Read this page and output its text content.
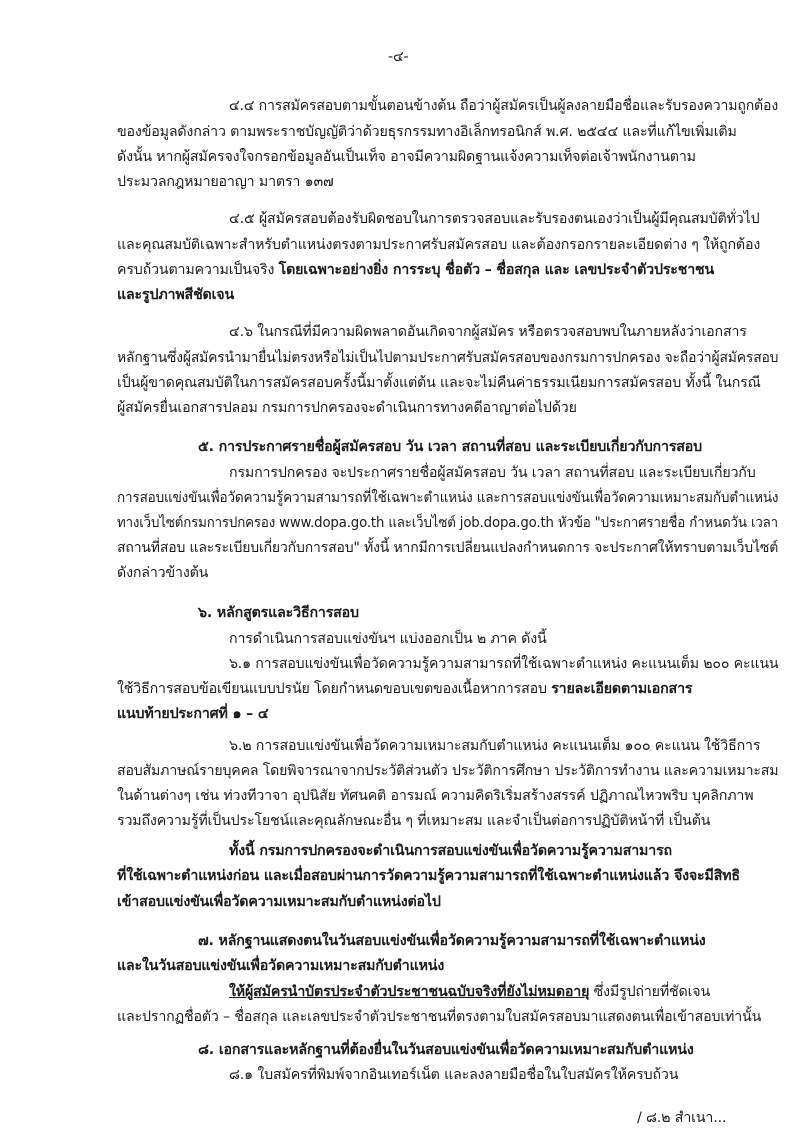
-๔-
๔.๔ การสมัครสอบตามขั้นตอนข้างต้น ถือว่าผู้สมัครเป็นผู้ลงลายมือชื่อและรับรองความถูกต้อง
ของข้อมูลดังกล่าว ตามพระราชบัญญัติว่าด้วยธุรกรรมทางอิเล็กทรอนิกส์ พ.ศ. ๒๕๔๔ และที่แก้ไขเพิ่มเติม
ดังนั้น หากผู้สมัครจงใจกรอกข้อมูลอันเป็นเท็จ อาจมีความผิดฐานแจ้งความเท็จต่อเจ้าพนักงานตาม
ประมวลกฎหมายอาญา มาตรา ๑๓๗
๔.๕ ผู้สมัครสอบต้องรับผิดชอบในการตรวจสอบและรับรองตนเองว่าเป็นผู้มีคุณสมบัติทั่วไป
และคุณสมบัติเฉพาะสำหรับตำแหน่งตรงตามประกาศรับสมัครสอบ และต้องกรอกรายละเอียดต่าง ๆ ให้ถูกต้อง
ครบถ้วนตามความเป็นจริง โดยเฉพาะอย่างยิ่ง การระบุ ชื่อตัว – ชื่อสกุล และ เลขประจำตัวประชาชน
และรูปภาพสีชัดเจน
๔.๖ ในกรณีที่มีความผิดพลาดอันเกิดจากผู้สมัคร หรือตรวจสอบพบในภายหลังว่าเอกสาร
หลักฐานซึ่งผู้สมัครนำมายื่นไม่ตรงหรือไม่เป็นไปตามประกาศรับสมัครสอบของกรมการปกครอง จะถือว่าผู้สมัครสอบ
เป็นผู้ขาดคุณสมบัติในการสมัครสอบครั้งนี้มาตั้งแต่ต้น และจะไม่คืนค่าธรรมเนียมการสมัครสอบ ทั้งนี้ ในกรณี
ผู้สมัครยื่นเอกสารปลอม กรมการปกครองจะดำเนินการทางคดีอาญาต่อไปด้วย
๕. การประกาศรายชื่อผู้สมัครสอบ วัน เวลา สถานที่สอบ และระเบียบเกี่ยวกับการสอบ
กรมการปกครอง จะประกาศรายชื่อผู้สมัครสอบ วัน เวลา สถานที่สอบ และระเบียบเกี่ยวกับ
การสอบแข่งขันเพื่อวัดความรู้ความสามารถที่ใช้เฉพาะตำแหน่ง และการสอบแข่งขันเพื่อวัดความเหมาะสมกับตำแหน่ง
ทางเว็บไซต์กรมการปกครอง www.dopa.go.th และเว็บไซต์ job.dopa.go.th หัวข้อ "ประกาศรายชื่อ กำหนดวัน เวลา
สถานที่สอบ และระเบียบเกี่ยวกับการสอบ" ทั้งนี้ หากมีการเปลี่ยนแปลงกำหนดการ จะประกาศให้ทราบตามเว็บไซต์
ดังกล่าวข้างต้น
๖. หลักสูตรและวิธีการสอบ
การดำเนินการสอบแข่งขันฯ แบ่งออกเป็น ๒ ภาค ดังนี้
๖.๑ การสอบแข่งขันเพื่อวัดความรู้ความสามารถที่ใช้เฉพาะตำแหน่ง คะแนนเต็ม ๒๐๐ คะแนน
ใช้วิธีการสอบข้อเขียนแบบปรนัย โดยกำหนดขอบเขตของเนื้อหาการสอบ รายละเอียดตามเอกสาร
แนบท้ายประกาศที่ ๑ – ๔
๖.๒ การสอบแข่งขันเพื่อวัดความเหมาะสมกับตำแหน่ง คะแนนเต็ม ๑๐๐ คะแนน ใช้วิธีการ
สอบสัมภาษณ์รายบุคคล โดยพิจารณาจากประวัติส่วนตัว ประวัติการศึกษา ประวัติการทำงาน และความเหมาะสม
ในด้านต่างๆ เช่น ท่วงทีวาจา อุปนิสัย ทัศนคติ อารมณ์ ความคิดริเริ่มสร้างสรรค์ ปฏิภาณไหวพริบ บุคลิกภาพ
รวมถึงความรู้ที่เป็นประโยชน์และคุณลักษณะอื่น ๆ ที่เหมาะสม และจำเป็นต่อการปฏิบัติหน้าที่ เป็นต้น
ทั้งนี้ กรมการปกครองจะดำเนินการสอบแข่งขันเพื่อวัดความรู้ความสามารถ
ที่ใช้เฉพาะตำแหน่งก่อน และเมื่อสอบผ่านการวัดความรู้ความสามารถที่ใช้เฉพาะตำแหน่งแล้ว จึงจะมีสิทธิ
เข้าสอบแข่งขันเพื่อวัดความเหมาะสมกับตำแหน่งต่อไป
๗. หลักฐานแสดงตนในวันสอบแข่งขันเพื่อวัดความรู้ความสามารถที่ใช้เฉพาะตำแหน่ง
และในวันสอบแข่งขันเพื่อวัดความเหมาะสมกับตำแหน่ง
ให้ผู้สมัครนำบัตรประจำตัวประชาชนฉบับจริงที่ยังไม่หมดอายุ ซึ่งมีรูปถ่ายที่ชัดเจน
และปรากฏชื่อตัว – ชื่อสกุล และเลขประจำตัวประชาชนที่ตรงตามใบสมัครสอบมาแสดงตนเพื่อเข้าสอบเท่านั้น
๘. เอกสารและหลักฐานที่ต้องยื่นในวันสอบแข่งขันเพื่อวัดความเหมาะสมกับตำแหน่ง
๘.๑ ใบสมัครที่พิมพ์จากอินเทอร์เน็ต และลงลายมือชื่อในใบสมัครให้ครบถ้วน
/ ๘.๒ สำเนา...
